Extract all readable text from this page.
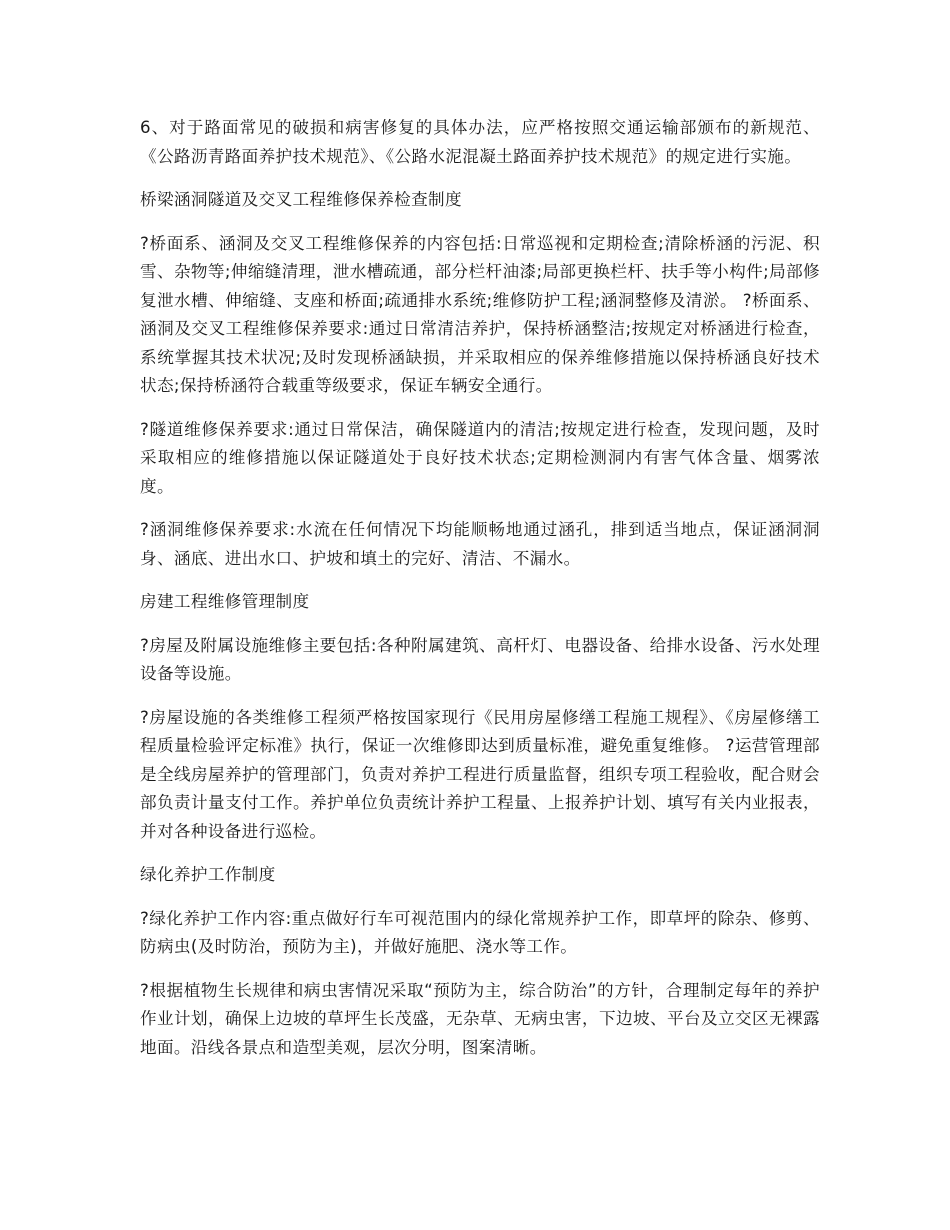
6、对于路面常见的破损和病害修复的具体办法，应严格按照交通运输部颁布的新规范、《公路沥青路面养护技术规范》、《公路水泥混凝土路面养护技术规范》的规定进行实施。

桥梁涵洞隧道及交叉工程维修保养检查制度

?桥面系、涵洞及交叉工程维修保养的内容包括:日常巡视和定期检查;清除桥涵的污泥、积雪、杂物等;伸缩缝清理，泄水槽疏通，部分栏杆油漆;局部更换栏杆、扶手等小构件;局部修复泄水槽、伸缩缝、支座和桥面;疏通排水系统;维修防护工程;涵洞整修及清淤。 ?桥面系、涵洞及交叉工程维修保养要求:通过日常清洁养护，保持桥涵整洁;按规定对桥涵进行检查，系统掌握其技术状况;及时发现桥涵缺损，并采取相应的保养维修措施以保持桥涵良好技术状态;保持桥涵符合载重等级要求，保证车辆安全通行。

?隧道维修保养要求:通过日常保洁，确保隧道内的清洁;按规定进行检查，发现问题，及时采取相应的维修措施以保证隧道处于良好技术状态;定期检测洞内有害气体含量、烟雾浓度。

?涵洞维修保养要求:水流在任何情况下均能顺畅地通过涵孔，排到适当地点，保证涵洞洞身、涵底、进出水口、护坡和填土的完好、清洁、不漏水。

房建工程维修管理制度

?房屋及附属设施维修主要包括:各种附属建筑、高杆灯、电器设备、给排水设备、污水处理设备等设施。

?房屋设施的各类维修工程须严格按国家现行《民用房屋修缮工程施工规程》、《房屋修缮工程质量检验评定标准》执行，保证一次维修即达到质量标准，避免重复维修。 ?运营管理部是全线房屋养护的管理部门，负责对养护工程进行质量监督，组织专项工程验收，配合财会部负责计量支付工作。养护单位负责统计养护工程量、上报养护计划、填写有关内业报表，并对各种设备进行巡检。

绿化养护工作制度

?绿化养护工作内容:重点做好行车可视范围内的绿化常规养护工作，即草坪的除杂、修剪、防病虫(及时防治，预防为主)，并做好施肥、浇水等工作。

?根据植物生长规律和病虫害情况采取“预防为主，综合防治”的方针，合理制定每年的养护作业计划，确保上边坡的草坪生长茂盛，无杂草、无病虫害，下边坡、平台及立交区无裸露地面。沿线各景点和造型美观，层次分明，图案清晰。
